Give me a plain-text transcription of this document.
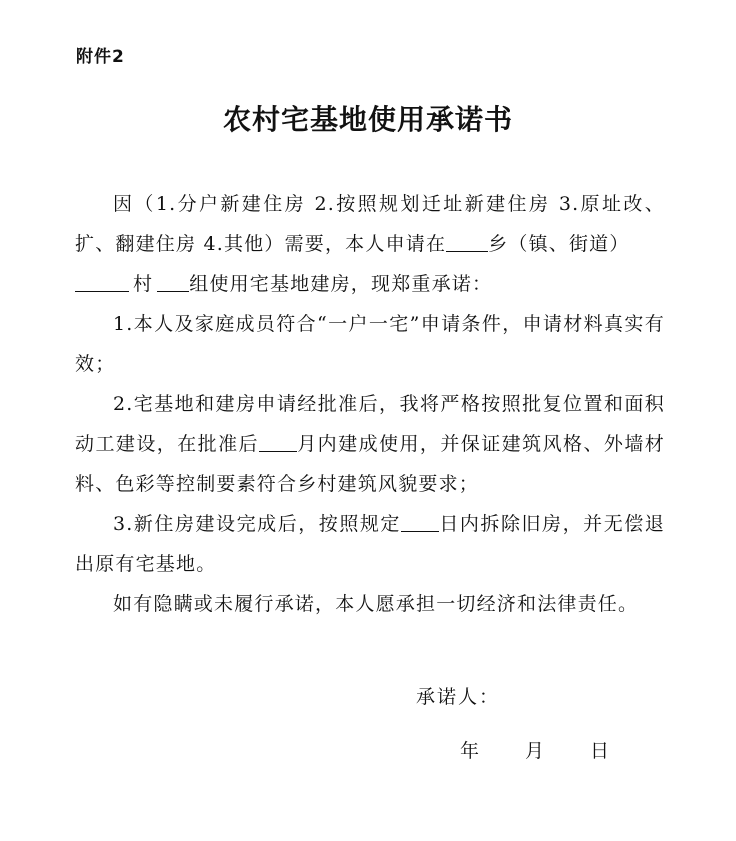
附件2
农村宅基地使用承诺书

因（1.分户新建住房 2.按照规划迁址新建住房 3.原址改、扩、翻建住房 4.其他）需要，本人申请在 乡（镇、街道）
村 组使用宅基地建房，现郑重承诺：

1.本人及家庭成员符合“一户一宅”申请条件，申请材料真实有效；

2.宅基地和建房申请经批准后，我将严格按照批复位置和面积动工建设，在批准后 月内建成使用，并保证建筑风格、外墙材料、色彩等控制要素符合乡村建筑风貌要求；

3.新住房建设完成后，按照规定 日内拆除旧房，并无偿退出原有宅基地。

如有隐瞒或未履行承诺，本人愿承担一切经济和法律责任。

承诺人：
年 月 日
